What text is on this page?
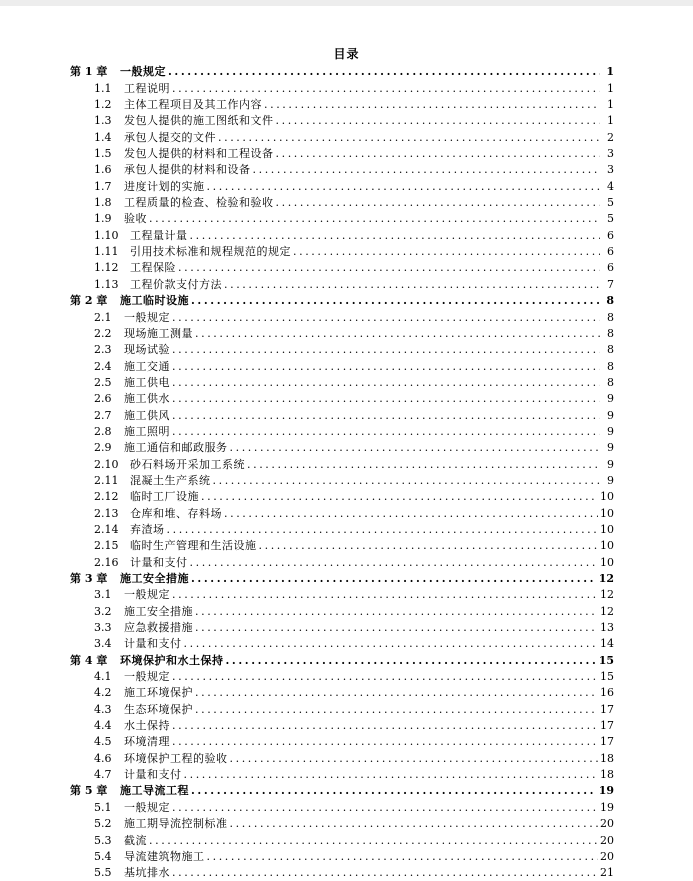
目录
第 1 章	一般规定 .....	1
1.1	工程说明 .....	1
1.2	主体工程项目及其工作内容 .....	1
1.3	发包人提供的施工图纸和文件 .....	1
1.4	承包人提交的文件 .....	2
1.5	发包人提供的材料和工程设备 .....	3
1.6	承包人提供的材料和设备 .....	3
1.7	进度计划的实施 .....	4
1.8	工程质量的检查、检验和验收 .....	5
1.9	验收 .....	5
1.10	工程量计量 .....	6
1.11	引用技术标准和规程规范的规定 .....	6
1.12	工程保险 .....	6
1.13	工程价款支付方法 .....	7
第 2 章	施工临时设施 .....	8
2.1	一般规定 .....	8
2.2	现场施工测量 .....	8
2.3	现场试验 .....	8
2.4	施工交通 .....	8
2.5	施工供电 .....	8
2.6	施工供水 .....	9
2.7	施工供风 .....	9
2.8	施工照明 .....	9
2.9	施工通信和邮政服务 .....	9
2.10	砂石料场开采加工系统 .....	9
2.11	混凝土生产系统 .....	9
2.12	临时工厂设施 .....	10
2.13	仓库和堆、存料场 .....	10
2.14	弃渣场 .....	10
2.15	临时生产管理和生活设施 .....	10
2.16	计量和支付 .....	10
第 3 章	施工安全措施 .....	12
3.1	一般规定 .....	12
3.2	施工安全措施 .....	12
3.3	应急救援措施 .....	13
3.4	计量和支付 .....	14
第 4 章	环境保护和水土保持 .....	15
4.1	一般规定 .....	15
4.2	施工环境保护 .....	16
4.3	生态环境保护 .....	17
4.4	水土保持 .....	17
4.5	环境清理 .....	17
4.6	环境保护工程的验收 .....	18
4.7	计量和支付 .....	18
第 5 章	施工导流工程 .....	19
5.1	一般规定 .....	19
5.2	施工期导流控制标准 .....	20
5.3	截流 .....	20
5.4	导流建筑物施工 .....	20
5.5	基坑排水 .....	21
